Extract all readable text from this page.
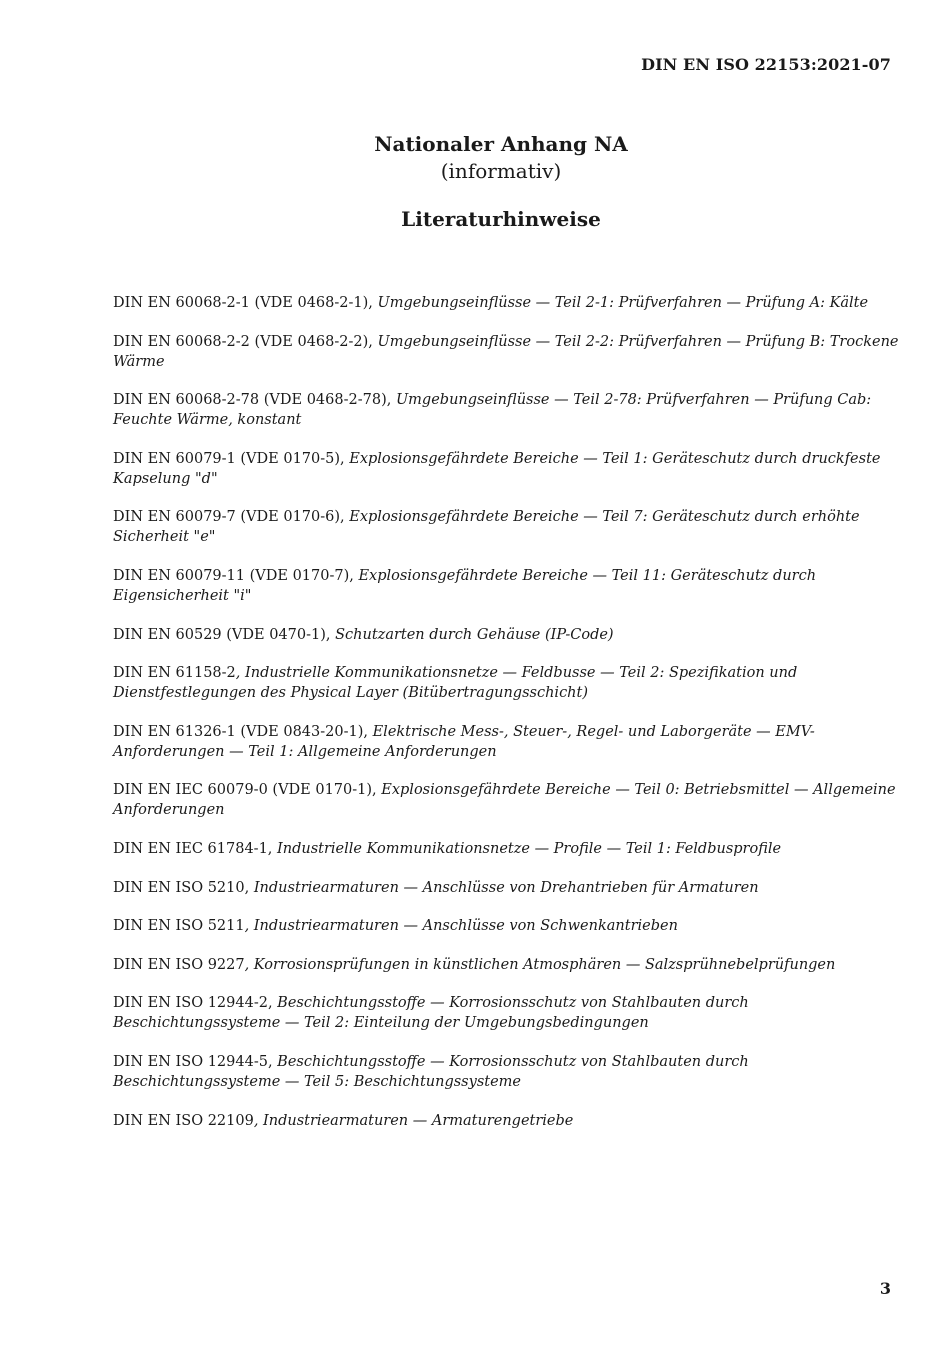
DIN EN ISO 22153:2021-07
Nationaler Anhang NA
(informativ)
Literaturhinweise
DIN EN 60068-2-1 (VDE 0468-2-1), Umgebungseinflüsse — Teil 2-1: Prüfverfahren — Prüfung A: Kälte
DIN EN 60068-2-2 (VDE 0468-2-2), Umgebungseinflüsse — Teil 2-2: Prüfverfahren — Prüfung B: Trockene Wärme
DIN EN 60068-2-78 (VDE 0468-2-78), Umgebungseinflüsse — Teil 2-78: Prüfverfahren — Prüfung Cab: Feuchte Wärme, konstant
DIN EN 60079-1 (VDE 0170-5), Explosionsgefährdete Bereiche — Teil 1: Geräteschutz durch druckfeste Kapselung "d"
DIN EN 60079-7 (VDE 0170-6), Explosionsgefährdete Bereiche — Teil 7: Geräteschutz durch erhöhte Sicherheit "e"
DIN EN 60079-11 (VDE 0170-7), Explosionsgefährdete Bereiche — Teil 11: Geräteschutz durch Eigensicherheit "i"
DIN EN 60529 (VDE 0470-1), Schutzarten durch Gehäuse (IP-Code)
DIN EN 61158-2, Industrielle Kommunikationsnetze — Feldbusse — Teil 2: Spezifikation und Dienstfestlegungen des Physical Layer (Bitübertragungsschicht)
DIN EN 61326-1 (VDE 0843-20-1), Elektrische Mess-, Steuer-, Regel- und Laborgeräte — EMV-Anforderungen — Teil 1: Allgemeine Anforderungen
DIN EN IEC 60079-0 (VDE 0170-1), Explosionsgefährdete Bereiche — Teil 0: Betriebsmittel — Allgemeine Anforderungen
DIN EN IEC 61784-1, Industrielle Kommunikationsnetze — Profile — Teil 1: Feldbusprofile
DIN EN ISO 5210, Industriearmaturen — Anschlüsse von Drehantrieben für Armaturen
DIN EN ISO 5211, Industriearmaturen — Anschlüsse von Schwenkantrieben
DIN EN ISO 9227, Korrosionsprüfungen in künstlichen Atmosphären — Salzsprühnebelprüfungen
DIN EN ISO 12944-2, Beschichtungsstoffe — Korrosionsschutz von Stahlbauten durch Beschichtungssysteme — Teil 2: Einteilung der Umgebungsbedingungen
DIN EN ISO 12944-5, Beschichtungsstoffe — Korrosionsschutz von Stahlbauten durch Beschichtungssysteme — Teil 5: Beschichtungssysteme
DIN EN ISO 22109, Industriearmaturen — Armaturengetriebe
3
